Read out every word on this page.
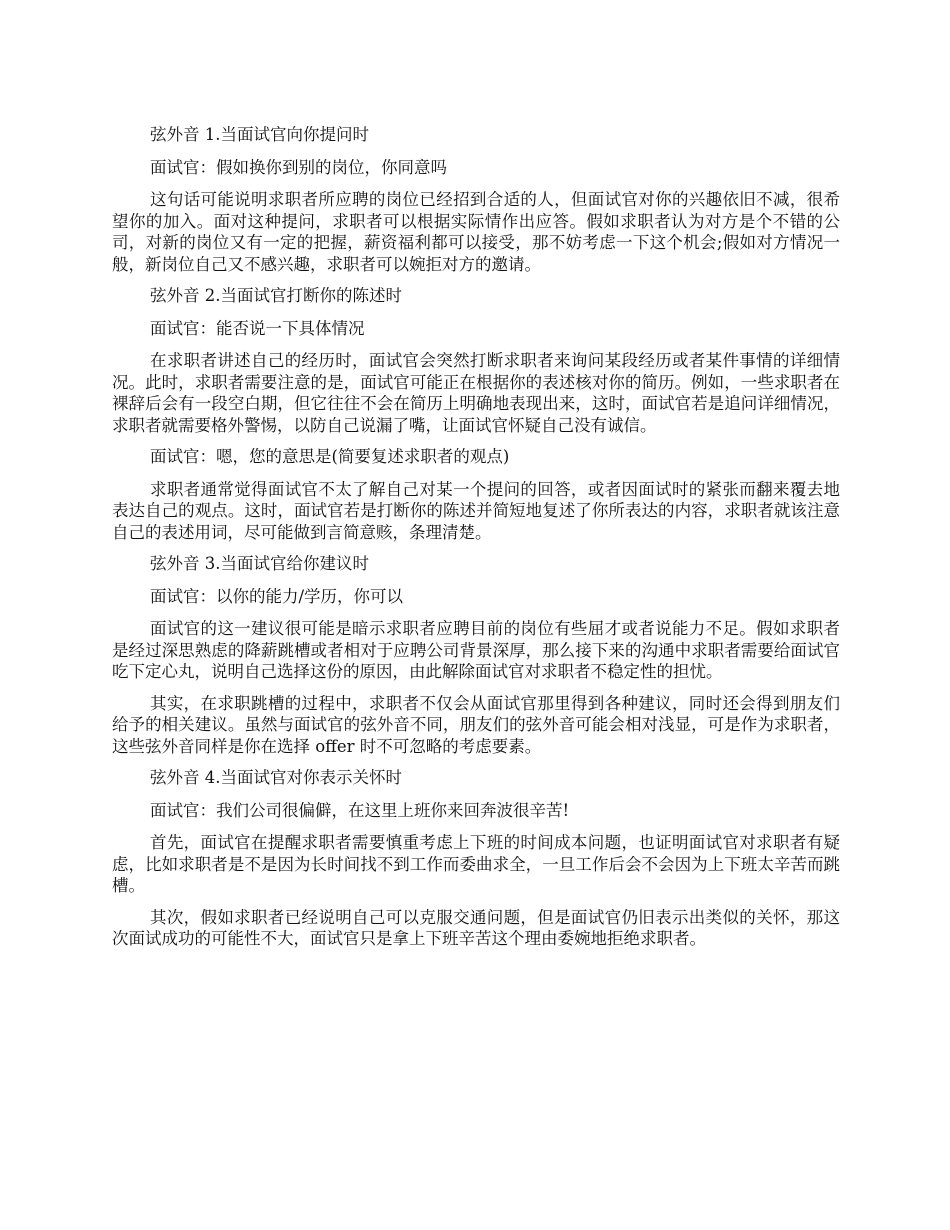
弦外音 1.当面试官向你提问时

面试官：假如换你到别的岗位，你同意吗

这句话可能说明求职者所应聘的岗位已经招到合适的人，但面试官对你的兴趣依旧不减，很希望你的加入。面对这种提问，求职者可以根据实际情作出应答。假如求职者认为对方是个不错的公司，对新的岗位又有一定的把握，薪资福利都可以接受，那不妨考虑一下这个机会;假如对方情况一般，新岗位自己又不感兴趣，求职者可以婉拒对方的邀请。

弦外音 2.当面试官打断你的陈述时

面试官：能否说一下具体情况

在求职者讲述自己的经历时，面试官会突然打断求职者来询问某段经历或者某件事情的详细情况。此时，求职者需要注意的是，面试官可能正在根据你的表述核对你的简历。例如，一些求职者在裸辞后会有一段空白期，但它往往不会在简历上明确地表现出来，这时，面试官若是追问详细情况，求职者就需要格外警惕，以防自己说漏了嘴，让面试官怀疑自己没有诚信。

面试官：嗯，您的意思是(简要复述求职者的观点)

求职者通常觉得面试官不太了解自己对某一个提问的回答，或者因面试时的紧张而翻来覆去地表达自己的观点。这时，面试官若是打断你的陈述并简短地复述了你所表达的内容，求职者就该注意自己的表述用词，尽可能做到言简意赅，条理清楚。

弦外音 3.当面试官给你建议时

面试官：以你的能力/学历，你可以

面试官的这一建议很可能是暗示求职者应聘目前的岗位有些屈才或者说能力不足。假如求职者是经过深思熟虑的降薪跳槽或者相对于应聘公司背景深厚，那么接下来的沟通中求职者需要给面试官吃下定心丸，说明自己选择这份的原因，由此解除面试官对求职者不稳定性的担忧。

其实，在求职跳槽的过程中，求职者不仅会从面试官那里得到各种建议，同时还会得到朋友们给予的相关建议。虽然与面试官的弦外音不同，朋友们的弦外音可能会相对浅显，可是作为求职者，这些弦外音同样是你在选择 offer 时不可忽略的考虑要素。

弦外音 4.当面试官对你表示关怀时

面试官：我们公司很偏僻，在这里上班你来回奔波很辛苦!

首先，面试官在提醒求职者需要慎重考虑上下班的时间成本问题，也证明面试官对求职者有疑虑，比如求职者是不是因为长时间找不到工作而委曲求全，一旦工作后会不会因为上下班太辛苦而跳槽。

其次，假如求职者已经说明自己可以克服交通问题，但是面试官仍旧表示出类似的关怀，那这次面试成功的可能性不大，面试官只是拿上下班辛苦这个理由委婉地拒绝求职者。
